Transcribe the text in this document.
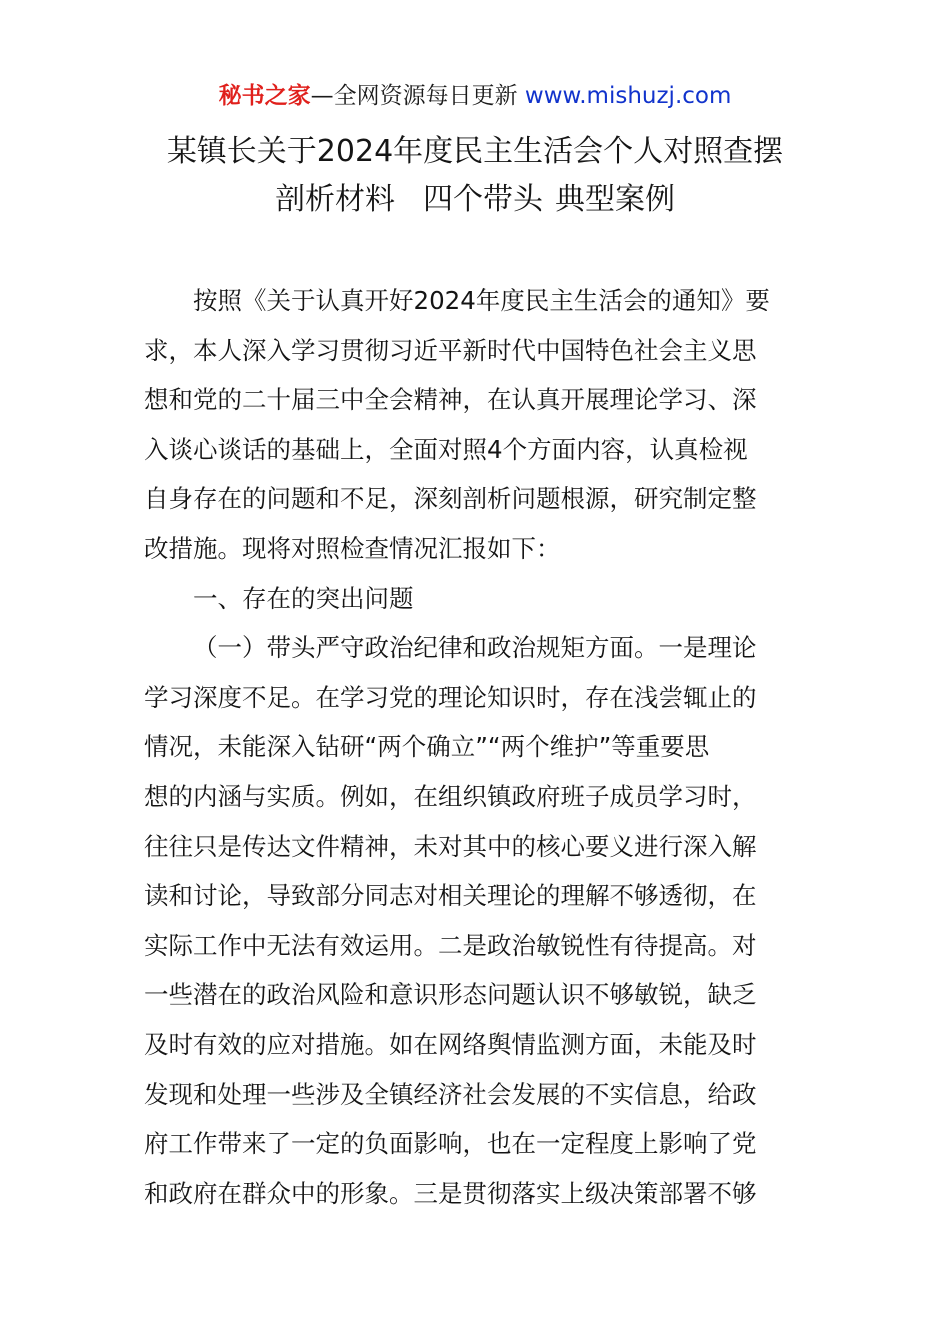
秘书之家—全网资源每日更新 www.mishuzj.com
某镇长关于2024年度民主生活会个人对照查摆
剖析材料 四个带头 典型案例
按照《关于认真开好2024年度民主生活会的通知》要
求，本人深入学习贯彻习近平新时代中国特色社会主义思
想和党的二十届三中全会精神，在认真开展理论学习、深
入谈心谈话的基础上，全面对照4个方面内容，认真检视
自身存在的问题和不足，深刻剖析问题根源，研究制定整
改措施。现将对照检查情况汇报如下：
一、存在的突出问题
（一）带头严守政治纪律和政治规矩方面。一是理论
学习深度不足。在学习党的理论知识时，存在浅尝辄止的
情况，未能深入钻研“两个确立”“两个维护”等重要思
想的内涵与实质。例如，在组织镇政府班子成员学习时，
往往只是传达文件精神，未对其中的核心要义进行深入解
读和讨论，导致部分同志对相关理论的理解不够透彻，在
实际工作中无法有效运用。二是政治敏锐性有待提高。对
一些潜在的政治风险和意识形态问题认识不够敏锐，缺乏
及时有效的应对措施。如在网络舆情监测方面，未能及时
发现和处理一些涉及全镇经济社会发展的不实信息，给政
府工作带来了一定的负面影响，也在一定程度上影响了党
和政府在群众中的形象。三是贯彻落实上级决策部署不够
